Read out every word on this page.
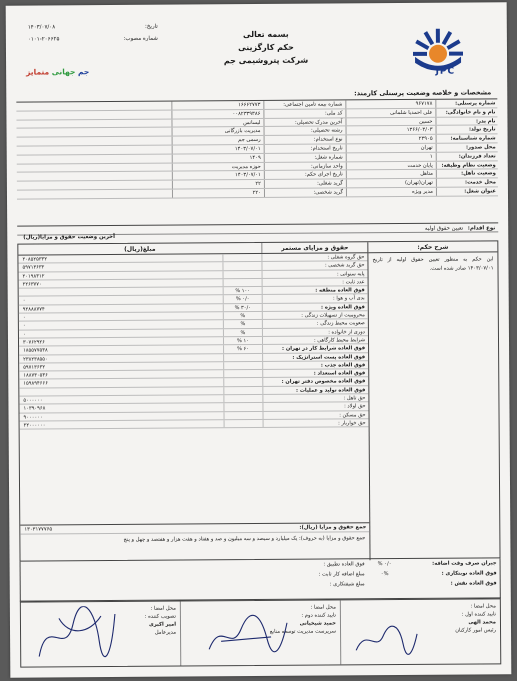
JPC
بسمه تعالی
حکم کارگزینی
شرکت پتروشیمی جم
تاریخ:
۱۴۰۳/۰۷/۰۸
شماره مصوب:
۰۱۰۱-۲۰۶۶۲۵
جم جهانی متمایز
مشخصات و خلاصه وضعیت پرسنلی کارمند:
شماره پرسنلی:
۹۶۷۱۷۸
شماره بیمه تامین اجتماعی:
۱۶۶۶۲۷۷۳
نام و نام خانوادگی:
علی احمدیا شلمانی
کد ملی:
۰۰۸۲۳۳۹۳۸۶
نام پدر:
حسین
آخرین مدرک تحصیلی:
لیسانس
تاریخ تولد:
۱۳۶۶/۰۳/۰۳
رشته تحصیلی:
مدیریت بازرگانی
شماره شناسنامه:
۲۳۹۰۵
نوع استخدام:
رسمی جم
محل صدور:
تهران
تاریخ استخدام:
۱۴۰۳/۰۷/۰۱
تعداد فرزندان:
۱
شماره شغل:
۱۴۰۹
وضعیت نظام وظیفه:
پایان خدمت
واحد سازمانی:
حوزه مدیریت
وضعیت تاهل:
متاهل
تاریخ اجرای حکم:
۱۴۰۳/۰۷/۰۱
محل خدمت:
تهران(تهران)
گرید شغلی:
۲۲
عنوان شغل:
مدیر ویژه
گرید شخصی:
۲۲۰
نوع اقدام: تعیین حقوق اولیه
آخرین وضعیت حقوق و مزایا(ریال)
شرح حکم:
این حکم به منظور تعیین حقوق اولیه از تاریخ ۱۴۰۳/۰۷/۰۱ صادر شده است.
حقوق و مزایای مستمر
مبلغ(ریال)
حق گروه شغلی :
۲۰۸۵۲۵۳۳۲
حق گرید شخصی :
۵۹۷۱۳۶۳۲
پایه سنواتی :
۲۰۱۹۸۳۱۲
عدد ثابت :
۲۲۶۳۷۷۰
فوق العاده منطقه :
% ۱۰۰
بدی آب و هوا :
% ۰/۰
۰
فوق العاده ویژه :
% ۳۰/۰
۹۲۸۸۸۷۷۴
محرومیت از تسهیلات زندگی :
%
۰
صعوبت محیط زندگی :
%
۰
دوری از خانواده :
%
۰
شرایط محیط کارگاهی :
% ۱۰
۳۰۷۶۲۹۲۶
فوق العاده شرایط کار در تهران :
% ۶۰
۱۸۵۵۷۷۵۳۸
فوق العاده پست استراتژیک :
۲۳۸۲۳۸۵۵۰
فوق العاده جذب :
۵۹۷۱۳۶۳۲
فوق العاده استعداد :
۱۸۸۷۳۰۵۳۶
فوق العاده مخصوص دفتر تهران :
۱۵۹۸۹۴۶۶۶
فوق العاده تولید و عملیات :
حق تاهل :
۵۰۰۰۰۰۰
حق اولاد :
۱۰۳۹۰۹۶۸
حق مسکن :
۹۰۰۰۰۰۰
حق خواربار :
۲۲۰۰۰۰۰۰
جمع حقوق و مزایا (ریال):
۱۳۰۳۱۷۷۷۶۵
جمع حقوق و مزایا (به حروف): یک میلیارد و سیصد و سه میلیون و صد و هفتاد و هفت هزار و هفتصد و چهل و پنج
جبران صرف وقت اضافه:
% ۰/۰
فوق العاده تطبیق :
فوق العاده نوبتکاری :
۰%
مبلغ اضافه کار ثابت :
فوق العاده نقش :
مبلغ شیفتکاری :
محل امضا :
تایید کننده اول :
محمد الهی
رئیس امور کارکنان
محل امضا :
تایید کننده دوم :
حمید شیخیانی
سرپرست مدیریت توسعه منابع
محل امضا :
تصویب کننده :
امیر اکبری
مدیرعامل
